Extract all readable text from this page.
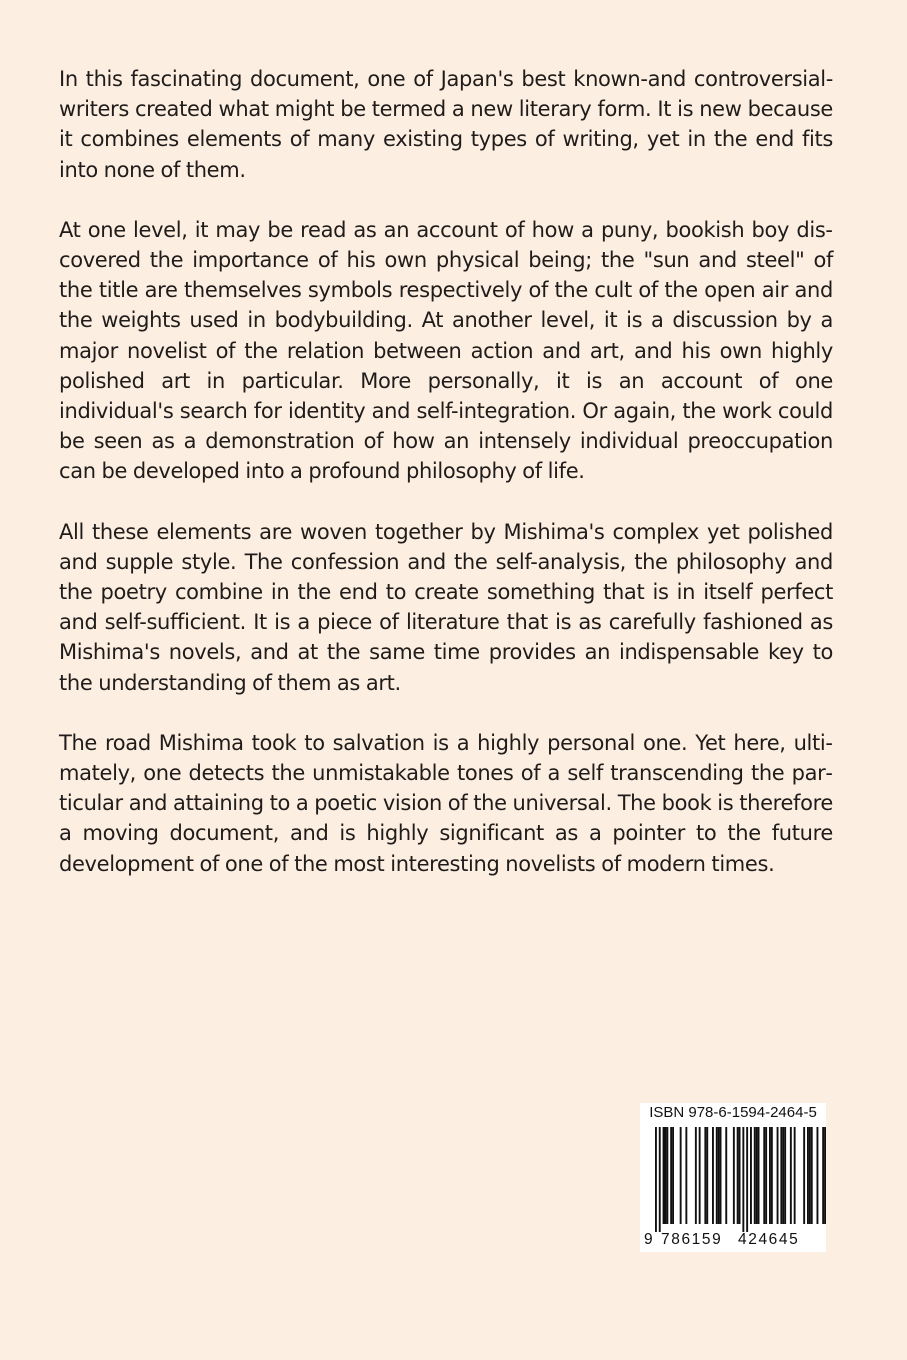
In this fascinating document, one of Japan's best known-and controversial-writers created what might be termed a new literary form. It is new because it combines elements of many existing types of writing, yet in the end fits into none of them.

At one level, it may be read as an account of how a puny, bookish boy discovered the importance of his own physical being; the "sun and steel" of the title are themselves symbols respectively of the cult of the open air and the weights used in bodybuilding. At another level, it is a discussion by a major novelist of the relation between action and art, and his own highly polished art in particular. More personally, it is an account of one individual's search for identity and self-integration. Or again, the work could be seen as a demonstration of how an intensely individual preoccupation can be developed into a profound philosophy of life.

All these elements are woven together by Mishima's complex yet polished and supple style. The confession and the self-analysis, the philosophy and the poetry combine in the end to create something that is in itself perfect and self-sufficient. It is a piece of literature that is as carefully fashioned as Mishima's novels, and at the same time provides an indispensable key to the understanding of them as art.

The road Mishima took to salvation is a highly personal one. Yet here, ultimately, one detects the unmistakable tones of a self transcending the particular and attaining to a poetic vision of the universal. The book is therefore a moving document, and is highly significant as a pointer to the future development of one of the most interesting novelists of modern times.

ISBN 978-6-1594-2464-5
9 786159 424645
